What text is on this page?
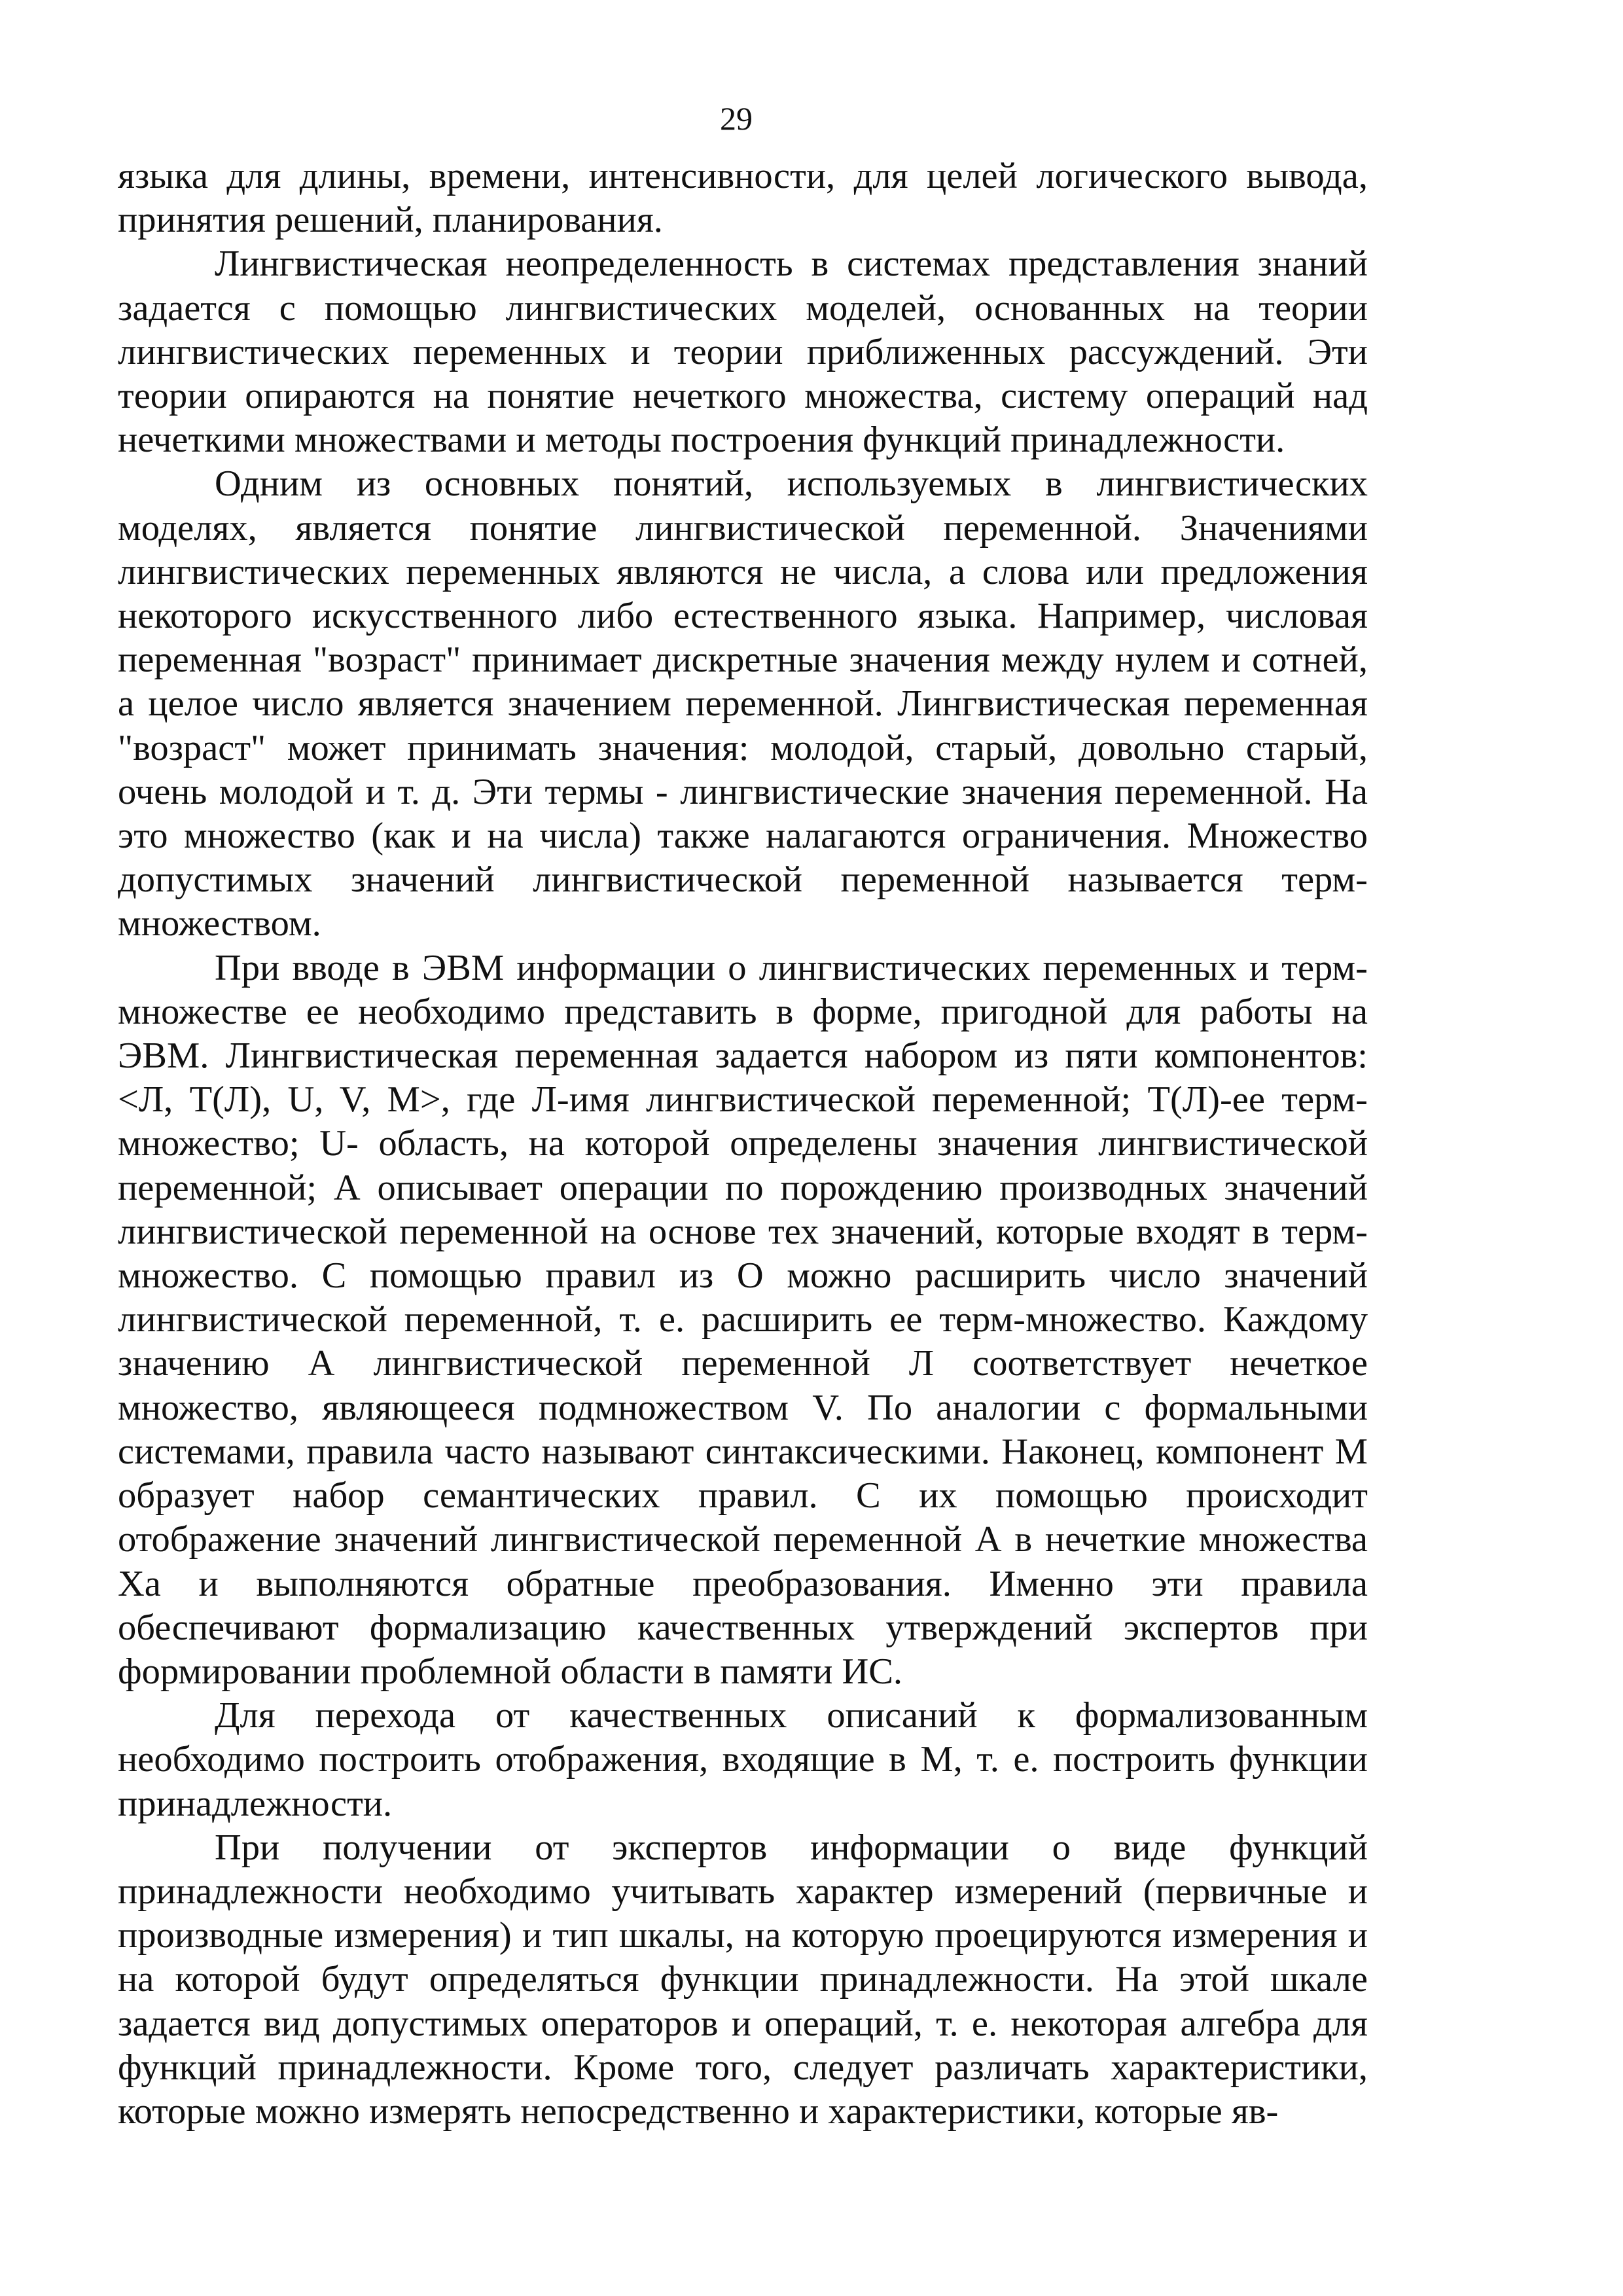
29

языка для длины, времени, интенсивности, для целей логического вывода, принятия решений, планирования.

Лингвистическая неопределенность в системах представления знаний задается с помощью лингвистических моделей, основанных на теории лингвистических переменных и теории приближенных рассуждений. Эти теории опираются на понятие нечеткого множества, систему операций над нечеткими множествами и методы построения функций принадлежности.

Одним из основных понятий, используемых в лингвистических моделях, является понятие лингвистической переменной. Значениями лингвистических переменных являются не числа, а слова или предложения некоторого искусственного либо естественного языка. Например, числовая переменная "возраст" принимает дискретные значения между нулем и сотней, а целое число является значением переменной. Лингвистическая переменная "возраст" может принимать значения: молодой, старый, довольно старый, очень молодой и т. д. Эти термы - лингвистические значения переменной. На это множество (как и на числа) также налагаются ограничения. Множество допустимых значений лингвистической переменной называется терм-множеством.

При вводе в ЭВМ информации о лингвистических переменных и терм-множестве ее необходимо представить в форме, пригодной для работы на ЭВМ. Лингвистическая переменная задается набором из пяти компонентов: <Л, Т(Л), U, V, М>, где Л-имя лингвистической переменной; Т(Л)-ее терм-множество; U- область, на которой определены значения лингвистической переменной; А описывает операции по порождению производных значений лингвистической переменной на основе тех значений, которые входят в терм-множество. С помощью правил из О можно расширить число значений лингвистической переменной, т. е. расширить ее терм-множество. Каждому значению А лингвистической переменной Л соответствует нечеткое множество, являющееся подмножеством V. По аналогии с формальными системами, правила часто называют синтаксическими. Наконец, компонент М образует набор семантических правил. С их помощью происходит отображение значений лингвистической переменной А в нечеткие множества Ха и выполняются обратные преобразования. Именно эти правила обеспечивают формализацию качественных утверждений экспертов при формировании проблемной области в памяти ИС.

Для перехода от качественных описаний к формализованным необходимо построить отображения, входящие в М, т. е. построить функции принадлежности.

При получении от экспертов информации о виде функций принадлежности необходимо учитывать характер измерений (первичные и производные измерения) и тип шкалы, на которую проецируются измерения и на которой будут определяться функции принадлежности. На этой шкале задается вид допустимых операторов и операций, т. е. некоторая алгебра для функций принадлежности. Кроме того, следует различать характеристики, которые можно измерять непосредственно и характеристики, которые яв-
